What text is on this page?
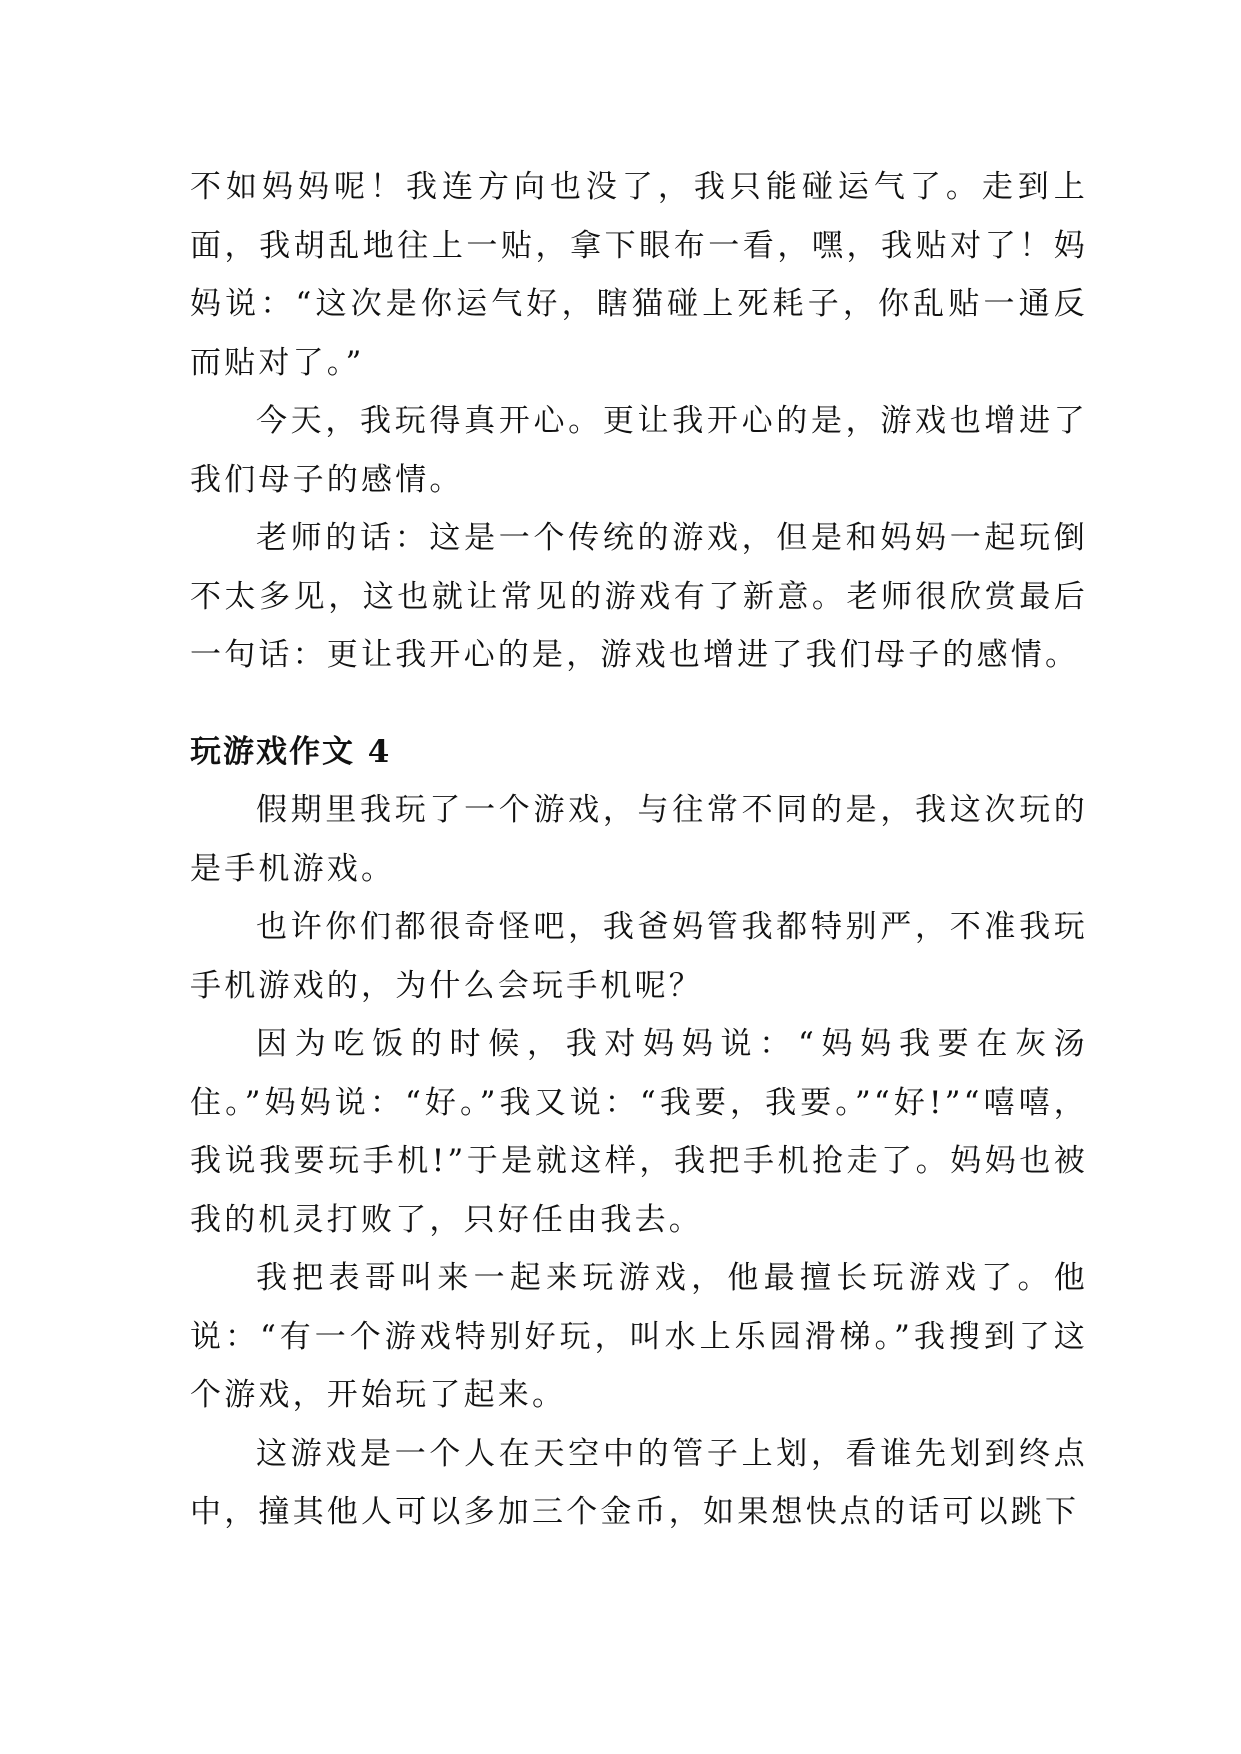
不如妈妈呢！我连方向也没了，我只能碰运气了。走到上面，我胡乱地往上一贴，拿下眼布一看，嘿，我贴对了！妈妈说：“这次是你运气好，瞎猫碰上死耗子，你乱贴一通反而贴对了。”

今天，我玩得真开心。更让我开心的是，游戏也增进了我们母子的感情。

老师的话：这是一个传统的游戏，但是和妈妈一起玩倒不太多见，这也就让常见的游戏有了新意。老师很欣赏最后一句话：更让我开心的是，游戏也增进了我们母子的感情。

玩游戏作文 4

假期里我玩了一个游戏，与往常不同的是，我这次玩的是手机游戏。

也许你们都很奇怪吧，我爸妈管我都特别严，不准我玩手机游戏的，为什么会玩手机呢？

因为吃饭的时候，我对妈妈说：“妈妈我要在灰汤住。”妈妈说：“好。”我又说：“我要，我要。”“好!”“嘻嘻，我说我要玩手机!”于是就这样，我把手机抢走了。妈妈也被我的机灵打败了，只好任由我去。

我把表哥叫来一起来玩游戏，他最擅长玩游戏了。他说：“有一个游戏特别好玩，叫水上乐园滑梯。”我搜到了这个游戏，开始玩了起来。

这游戏是一个人在天空中的管子上划，看谁先划到终点中，撞其他人可以多加三个金币，如果想快点的话可以跳下
